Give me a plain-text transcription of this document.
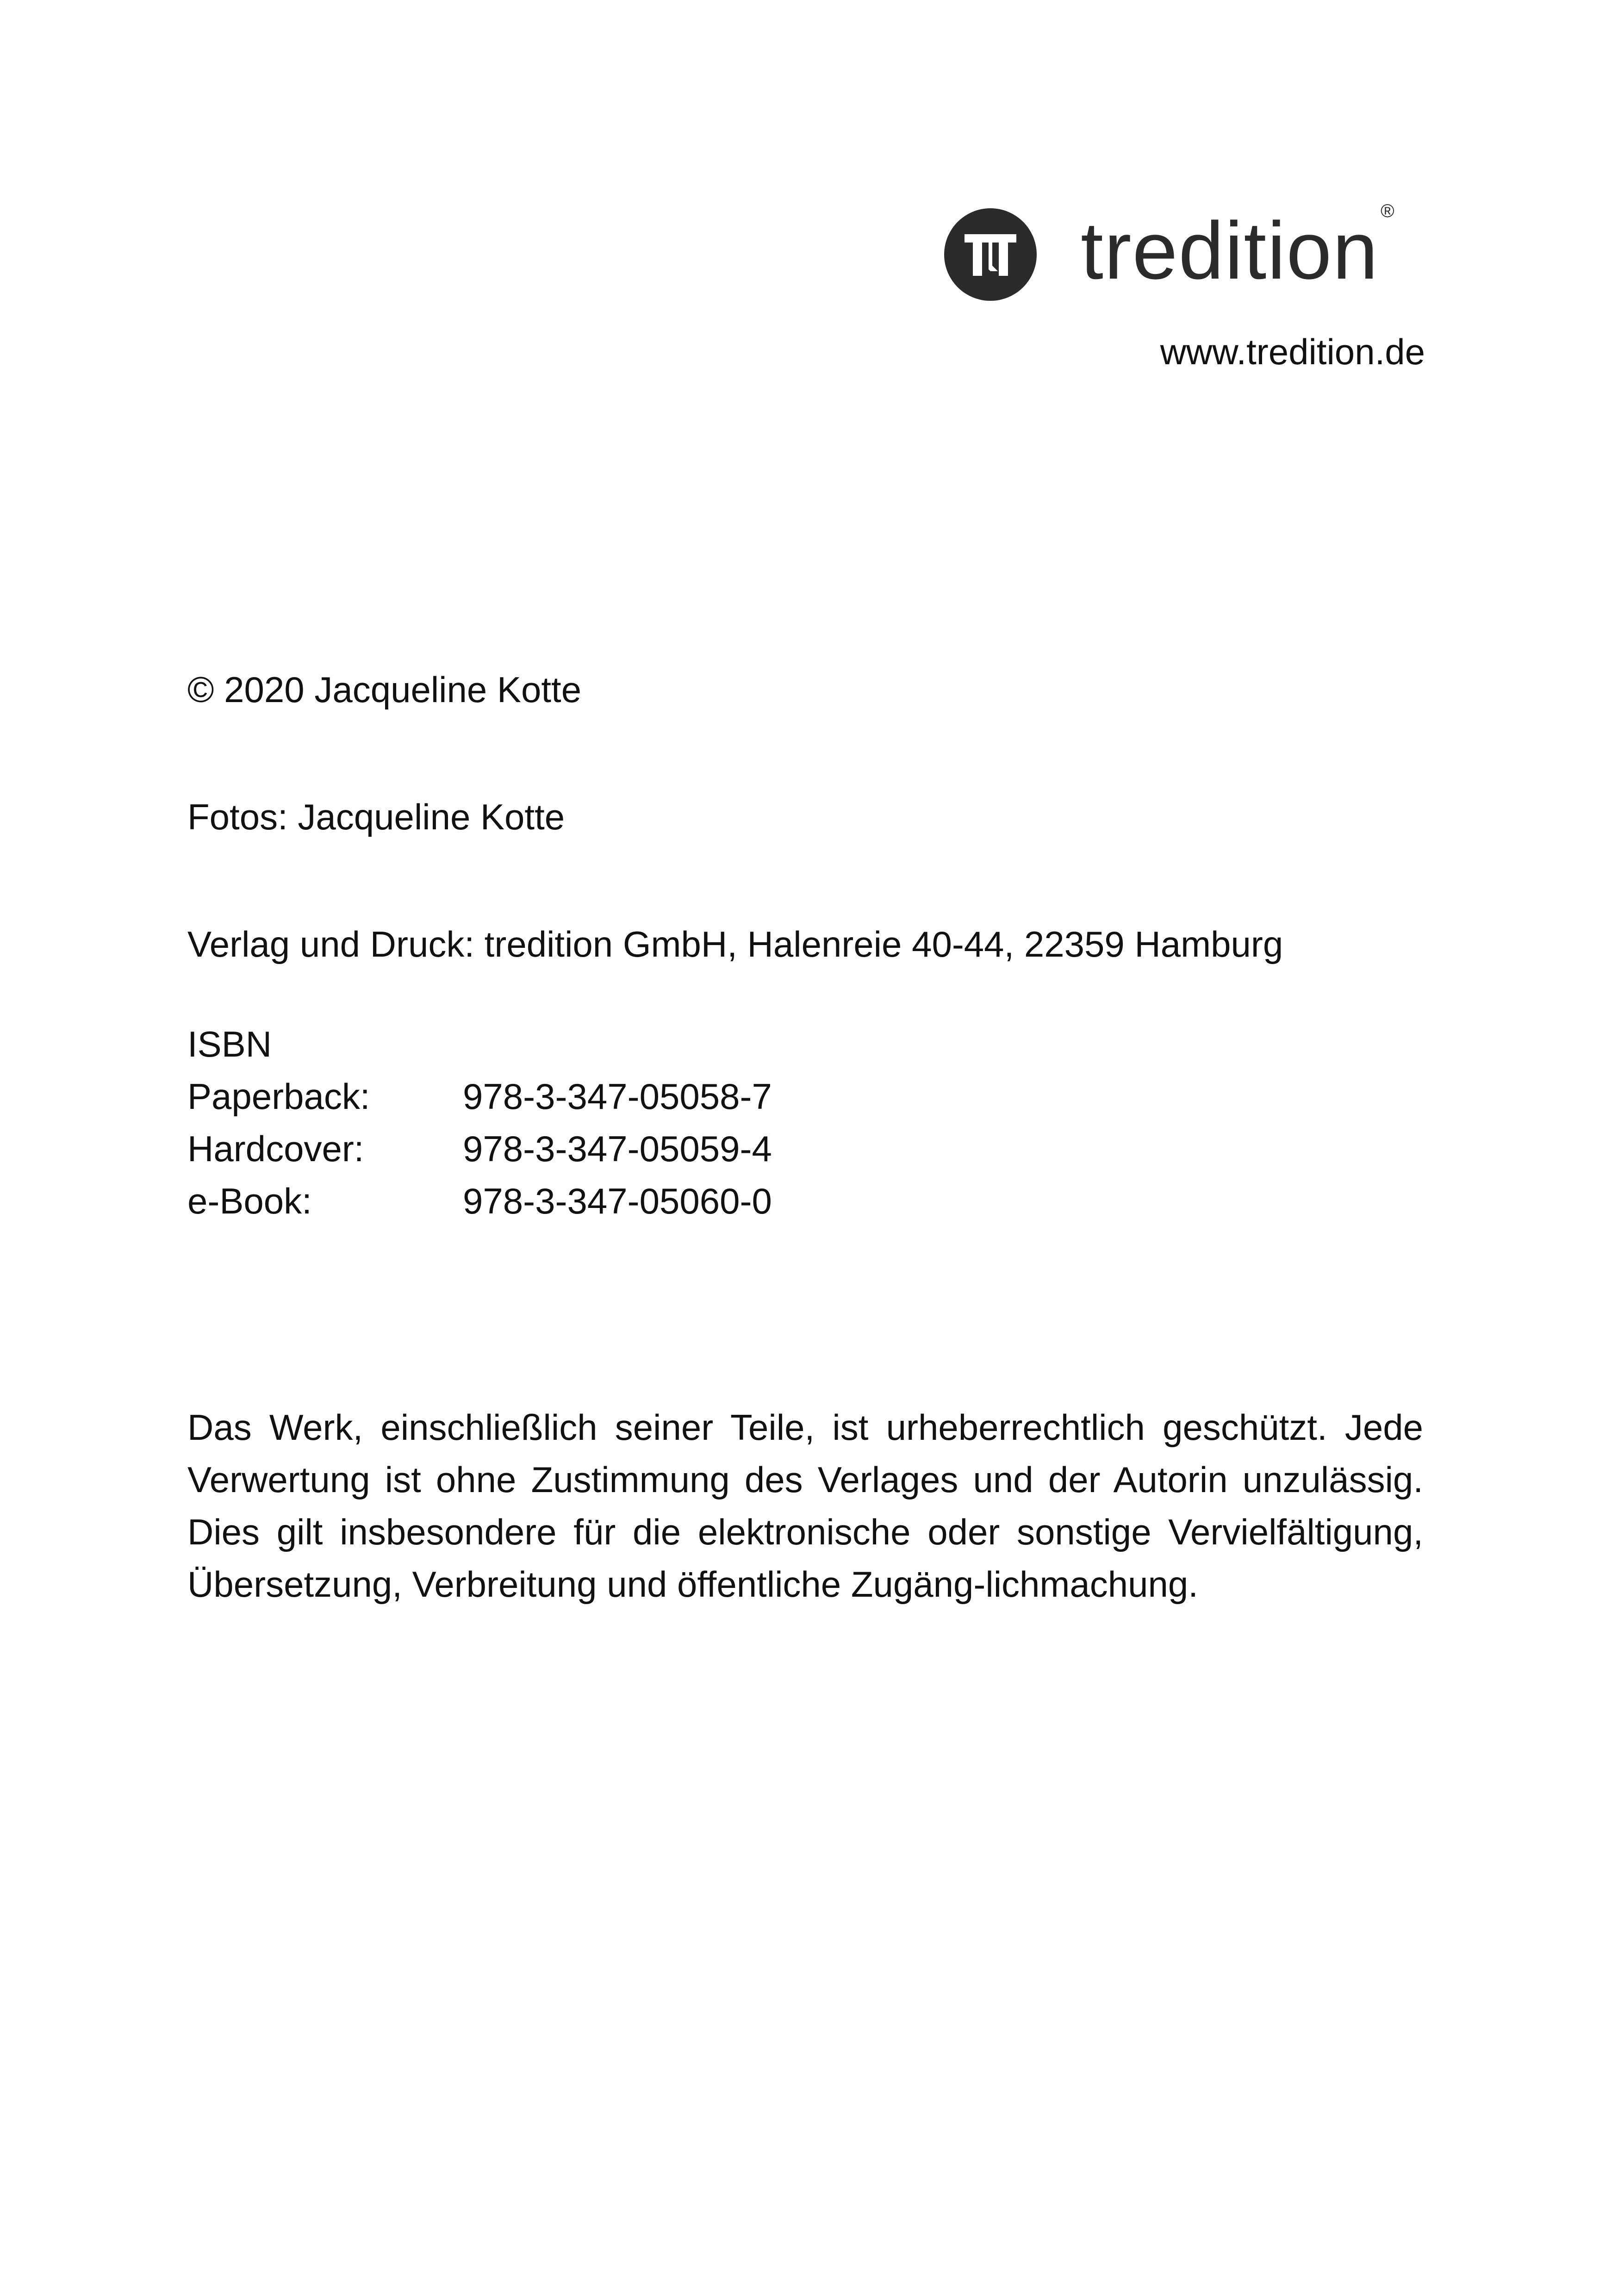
tredition ®
www.tredition.de
© 2020 Jacqueline Kotte
Fotos: Jacqueline Kotte
Verlag und Druck: tredition GmbH, Halenreie 40-44, 22359 Hamburg
ISBN
Paperback:	978-3-347-05058-7
Hardcover:	978-3-347-05059-4
e-Book:	978-3-347-05060-0
Das Werk, einschließlich seiner Teile, ist urheberrechtlich geschützt. Jede Verwertung ist ohne Zustimmung des Verlages und der Autorin unzulässig. Dies gilt insbesondere für die elektronische oder sonstige Vervielfältigung, Übersetzung, Verbreitung und öffentliche Zugäng-lichmachung.
